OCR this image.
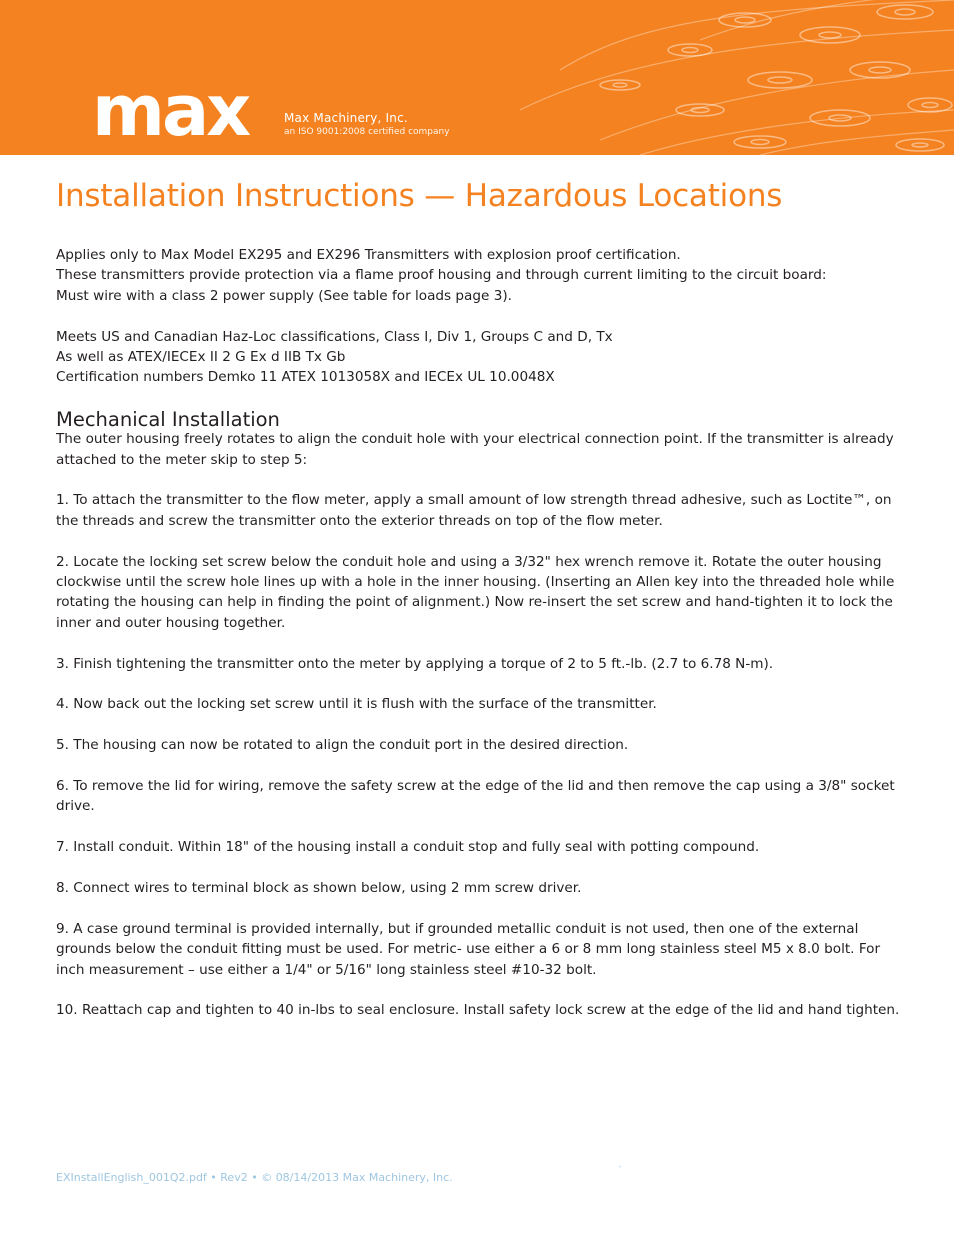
max	Max Machinery, Inc.
an ISO 9001:2008 certified company
Installation Instructions — Hazardous Locations

Applies only to Max Model EX295 and EX296 Transmitters with explosion proof certification.

These transmitters provide protection via a flame proof housing and through current limiting to the circuit board:

Must wire with a class 2 power supply (See table for loads page 3).

Meets US and Canadian Haz-Loc classifications, Class I, Div 1, Groups C and D, Tx

As well as ATEX/IECEx II 2 G Ex d IIB Tx Gb

Certification numbers Demko 11 ATEX 1013058X and IECEx UL 10.0048X

Mechanical Installation

The outer housing freely rotates to align the conduit hole with your electrical connection point. If the transmitter is already attached to the meter skip to step 5:

1. To attach the transmitter to the flow meter, apply a small amount of low strength thread adhesive, such as Loctite™, on the threads and screw the transmitter onto the exterior threads on top of the flow meter.

2. Locate the locking set screw below the conduit hole and using a 3/32" hex wrench remove it. Rotate the outer housing clockwise until the screw hole lines up with a hole in the inner housing. (Inserting an Allen key into the threaded hole while rotating the housing can help in finding the point of alignment.) Now re-insert the set screw and hand-tighten it to lock the inner and outer housing together.

3. Finish tightening the transmitter onto the meter by applying a torque of 2 to 5 ft.-lb. (2.7 to 6.78 N-m).

4. Now back out the locking set screw until it is flush with the surface of the transmitter.

5. The housing can now be rotated to align the conduit port in the desired direction.

6. To remove the lid for wiring, remove the safety screw at the edge of the lid and then remove the cap using a 3/8" socket drive.

7. Install conduit. Within 18" of the housing install a conduit stop and fully seal with potting compound.

8. Connect wires to terminal block as shown below, using 2 mm screw driver.

9. A case ground terminal is provided internally, but if grounded metallic conduit is not used, then one of the external grounds below the conduit fitting must be used. For metric- use either a 6 or 8 mm long stainless steel M5 x 8.0 bolt. For inch measurement – use either a 1/4" or 5/16" long stainless steel #10-32 bolt.

10. Reattach cap and tighten to 40 in-lbs to seal enclosure. Install safety lock screw at the edge of the lid and hand tighten.

EXInstallEnglish_001Q2.pdf • Rev2 • © 08/14/2013 Max Machinery, Inc.	`
